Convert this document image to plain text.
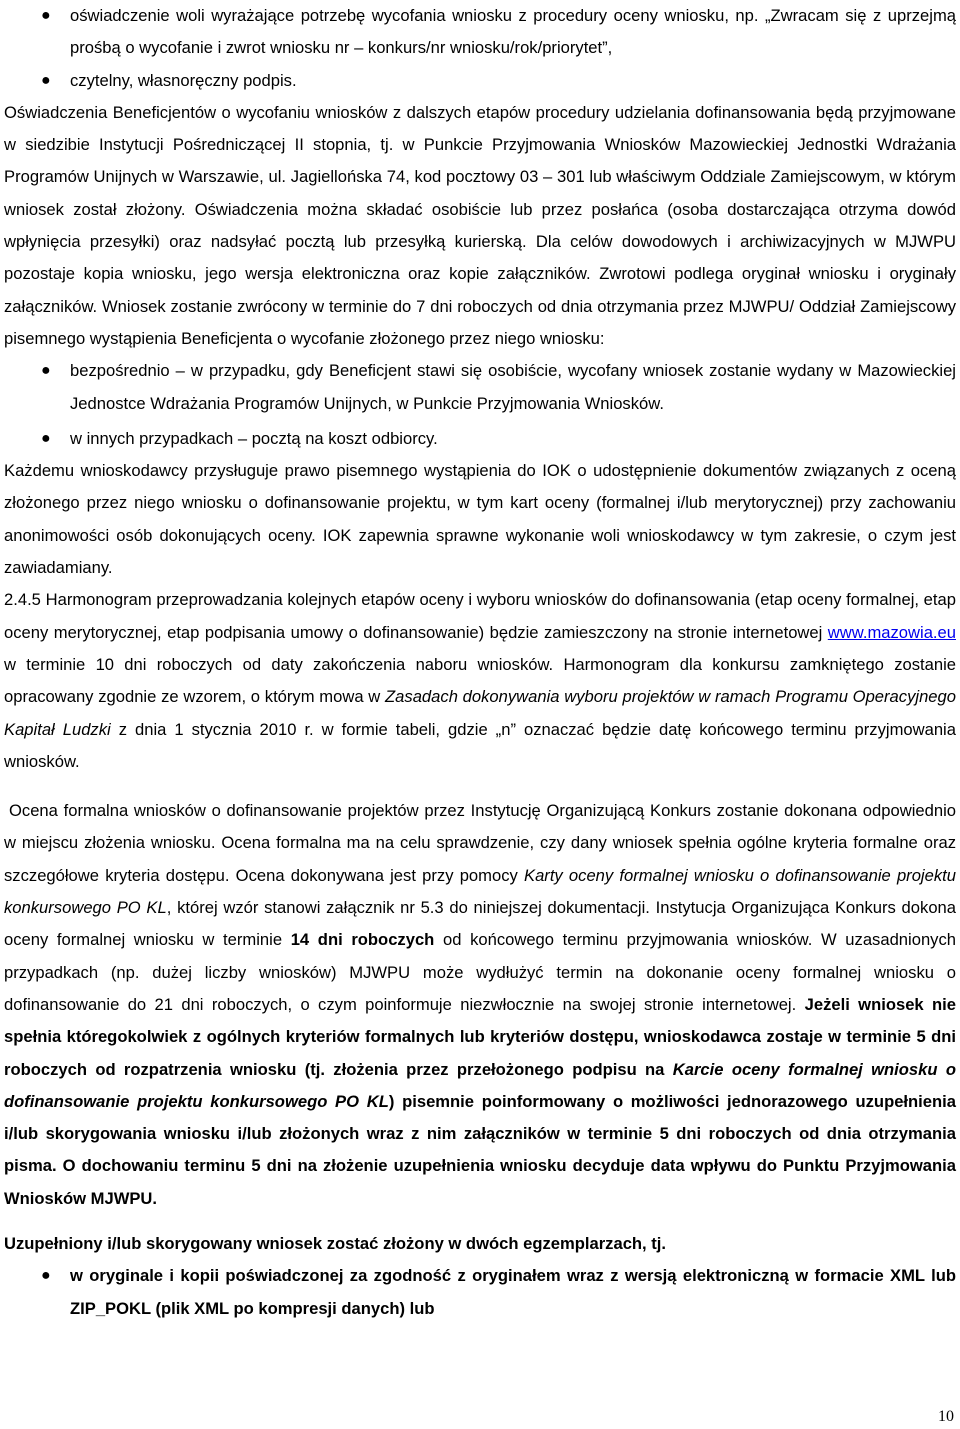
● oświadczenie woli wyrażające potrzebę wycofania wniosku z procedury oceny wniosku, np. „Zwracam się z uprzejmą prośbą o wycofanie i zwrot wniosku nr – konkurs/nr wniosku/rok/priorytet”,
● czytelny, własnoręczny podpis.

Oświadczenia Beneficjentów o wycofaniu wniosków z dalszych etapów procedury udzielania dofinansowania będą przyjmowane w siedzibie Instytucji Pośredniczącej II stopnia, tj. w Punkcie Przyjmowania Wniosków Mazowieckiej Jednostki Wdrażania Programów Unijnych w Warszawie, ul. Jagiellońska 74, kod pocztowy 03 – 301 lub właściwym Oddziale Zamiejscowym, w którym wniosek został złożony. Oświadczenia można składać osobiście lub przez posłańca (osoba dostarczająca otrzyma dowód wpłynięcia przesyłki) oraz nadsyłać pocztą lub przesyłką kurierską. Dla celów dowodowych i archiwizacyjnych w MJWPU pozostaje kopia wniosku, jego wersja elektroniczna oraz kopie załączników. Zwrotowi podlega oryginał wniosku i oryginały załączników. Wniosek zostanie zwrócony w terminie do 7 dni roboczych od dnia otrzymania przez MJWPU/ Oddział Zamiejscowy pisemnego wystąpienia Beneficjenta o wycofanie złożonego przez niego wniosku:

● bezpośrednio – w przypadku, gdy Beneficjent stawi się osobiście, wycofany wniosek zostanie wydany w Mazowieckiej Jednostce Wdrażania Programów Unijnych, w Punkcie Przyjmowania Wniosków.
● w innych przypadkach – pocztą na koszt odbiorcy.

Każdemu wnioskodawcy przysługuje prawo pisemnego wystąpienia do IOK o udostępnienie dokumentów związanych z oceną złożonego przez niego wniosku o dofinansowanie projektu, w tym kart oceny (formalnej i/lub merytorycznej) przy zachowaniu anonimowości osób dokonujących oceny. IOK zapewnia sprawne wykonanie woli wnioskodawcy w tym zakresie, o czym jest zawiadamiany.

2.4.5 Harmonogram przeprowadzania kolejnych etapów oceny i wyboru wniosków do dofinansowania (etap oceny formalnej, etap oceny merytorycznej, etap podpisania umowy o dofinansowanie) będzie zamieszczony na stronie internetowej www.mazowia.eu w terminie 10 dni roboczych od daty zakończenia naboru wniosków. Harmonogram dla konkursu zamkniętego zostanie opracowany zgodnie ze wzorem, o którym mowa w Zasadach dokonywania wyboru projektów w ramach Programu Operacyjnego Kapitał Ludzki z dnia 1 stycznia 2010 r. w formie tabeli, gdzie „n” oznaczać będzie datę końcowego terminu przyjmowania wniosków.

Ocena formalna wniosków o dofinansowanie projektów przez Instytucję Organizującą Konkurs zostanie dokonana odpowiednio w miejscu złożenia wniosku. Ocena formalna ma na celu sprawdzenie, czy dany wniosek spełnia ogólne kryteria formalne oraz szczegółowe kryteria dostępu. Ocena dokonywana jest przy pomocy Karty oceny formalnej wniosku o dofinansowanie projektu konkursowego PO KL, której wzór stanowi załącznik nr 5.3 do niniejszej dokumentacji. Instytucja Organizująca Konkurs dokona oceny formalnej wniosku w terminie 14 dni roboczych od końcowego terminu przyjmowania wniosków. W uzasadnionych przypadkach (np. dużej liczby wniosków) MJWPU może wydłużyć termin na dokonanie oceny formalnej wniosku o dofinansowanie do 21 dni roboczych, o czym poinformuje niezwłocznie na swojej stronie internetowej. Jeżeli wniosek nie spełnia któregokolwiek z ogólnych kryteriów formalnych lub kryteriów dostępu, wnioskodawca zostaje w terminie 5 dni roboczych od rozpatrzenia wniosku (tj. złożenia przez przełożonego podpisu na Karcie oceny formalnej wniosku o dofinansowanie projektu konkursowego PO KL) pisemnie poinformowany o możliwości jednorazowego uzupełnienia i/lub skorygowania wniosku i/lub złożonych wraz z nim załączników w terminie 5 dni roboczych od dnia otrzymania pisma. O dochowaniu terminu 5 dni na złożenie uzupełnienia wniosku decyduje data wpływu do Punktu Przyjmowania Wniosków MJWPU.

Uzupełniony i/lub skorygowany wniosek zostać złożony w dwóch egzemplarzach, tj.

● w oryginale i kopii poświadczonej za zgodność z oryginałem wraz z wersją elektroniczną w formacie XML lub ZIP_POKL (plik XML po kompresji danych) lub
10
